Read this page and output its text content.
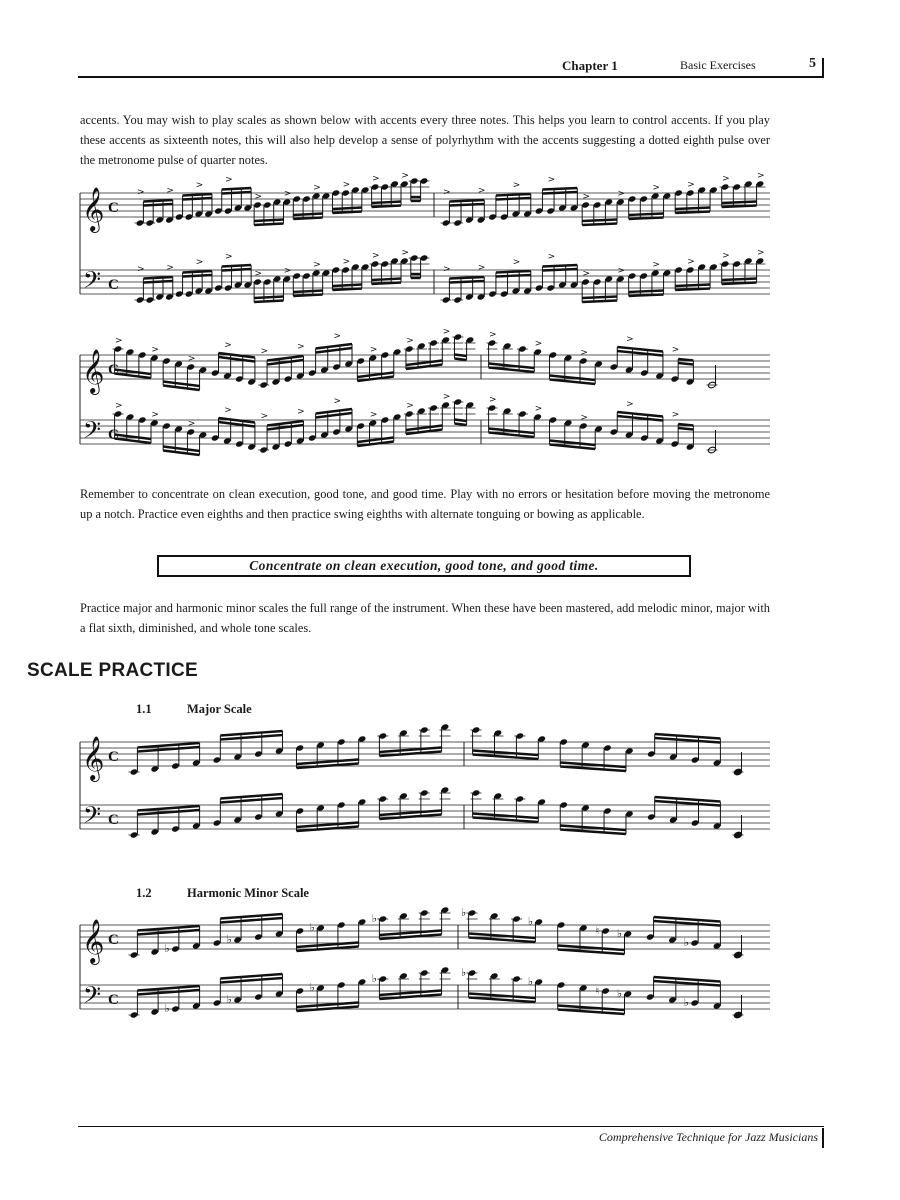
Chapter 1	Basic Exercises	5

accents. You may wish to play scales as shown below with accents every three notes. This helps you learn to control accents. If you play these accents as sixteenth notes, this will also help develop a sense of polyrhythm with the accents suggesting a dotted eighth pulse over the metronome pulse of quarter notes.

𝄞 C
𝄢 C
> >
>
>
> >
> >
> >
>	>
>
>
>	>
>	>
>	>
> >
>
>
> >
> >
> >
>	>
>
>
>	>
>	>
>	>
𝄞 C
𝄢 C
>
>
>
>
>	>
>
>
>
>	>
>
>
>
>
>
>
>
>
>	>
>
>
>
>	>
>
>
>
>
𝄞 C
𝄢 C
𝄞 C
𝄢 C
♭
♭
♭
♭	♭
♭
♮ ♭
♭
♭
♭
♭
♭	♭
♭
♮ ♭
♭

Remember to concentrate on clean execution, good tone, and good time. Play with no errors or hesitation before moving the metronome up a notch. Practice even eighths and then practice swing eighths with alternate tonguing or bowing as applicable.

Concentrate on clean execution, good tone, and good time.

Practice major and harmonic minor scales the full range of the instrument. When these have been mastered, add melodic minor, major with a flat sixth, diminished, and whole tone scales.

SCALE PRACTICE
1.1	Major Scale
1.2	Harmonic Minor Scale
Comprehensive Technique for Jazz Musicians
